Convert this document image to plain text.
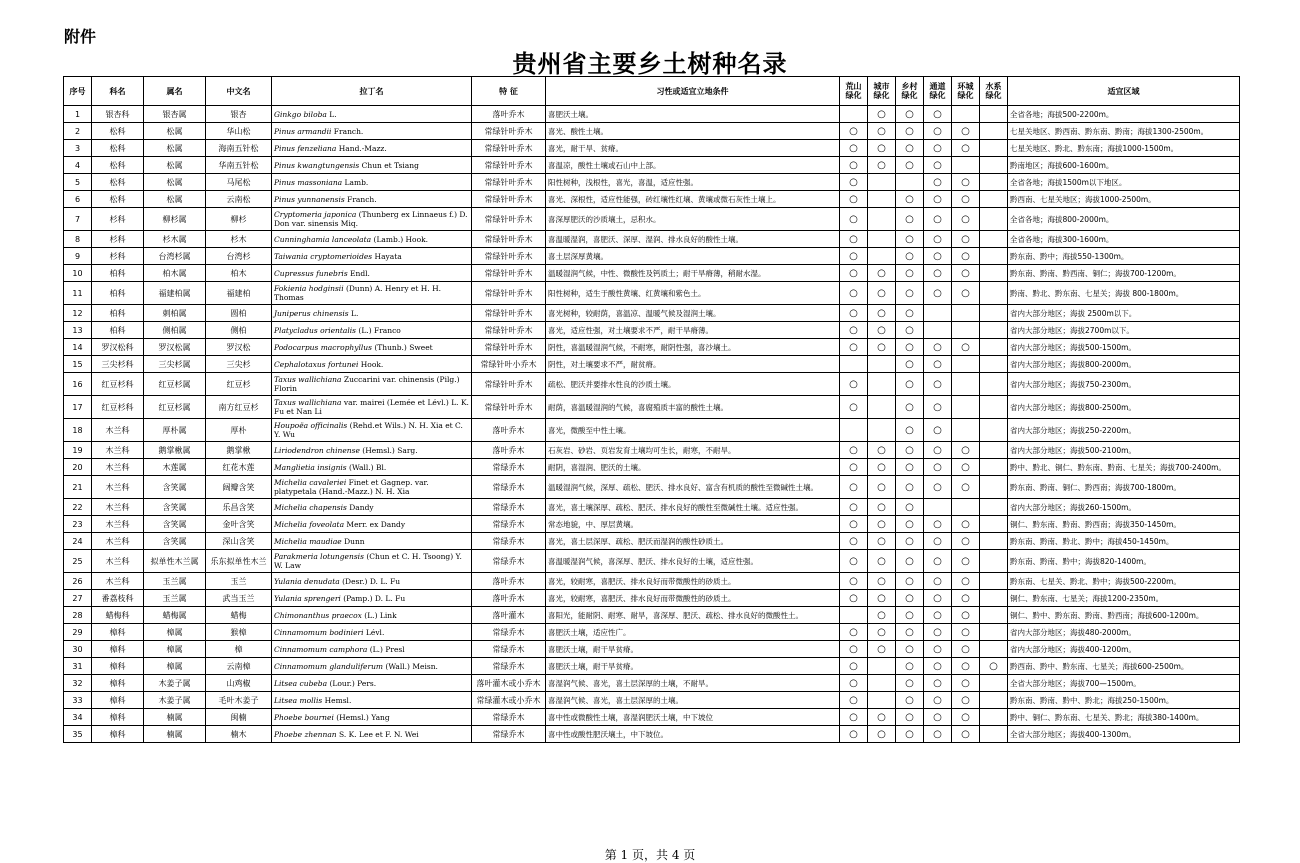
附件
贵州省主要乡土树种名录
序号	科名	属名	中文名	拉丁名	特 征	习性或适宜立地条件	荒山绿化	城市绿化	乡村绿化	通道绿化	环城绿化	水系绿化	适宜区域
1	银杏科	银杏属	银杏	Ginkgo biloba L.	落叶乔木	喜肥沃土壤。		○	○	○			全省各地；海拔500-2200m。
2	松科	松属	华山松	Pinus armandii Franch.	常绿针叶乔木	喜光、酸性土壤。	○	○	○	○	○		七星关地区、黔西南、黔东南、黔南；海拔1300-2500m。
3	松科	松属	海南五针松	Pinus fenzeliana Hand.-Mazz.	常绿针叶乔木	喜光，耐干旱、贫瘠。	○	○	○	○	○		七星关地区、黔北、黔东南；海拔1000-1500m。
4	松科	松属	华南五针松	Pinus kwangtungensis Chun et Tsiang	常绿针叶乔木	喜温凉，酸性土壤或石山中上部。	○	○	○	○			黔南地区；海拔600-1600m。
5	松科	松属	马尾松	Pinus massoniana Lamb.	常绿针叶乔木	阳性树种，浅根性，喜光，喜温，适应性强。	○			○	○		全省各地；海拔1500m以下地区。
6	松科	松属	云南松	Pinus yunnanensis Franch.	常绿针叶乔木	喜光、深根性，适应性能强，砖红壤性红壤、黄壤或微石灰性土壤上。	○		○	○	○		黔西南、七星关地区；海拔1000-2500m。
7	杉科	柳杉属	柳杉	Cryptomeria japonica (Thunberg ex Linnaeus f.) D. Don var. sinensis Miq.	常绿针叶乔木	喜深厚肥沃的沙质壤土，忌积水。	○		○	○	○		全省各地；海拔800-2000m。
8	杉科	杉木属	杉木	Cunninghamia lanceolata (Lamb.) Hook.	常绿针叶乔木	喜温暖湿润，喜肥沃、深厚、湿润、排水良好的酸性土壤。	○		○	○	○		全省各地；海拔300-1600m。
9	杉科	台湾杉属	台湾杉	Taiwania cryptomerioides Hayata	常绿针叶乔木	喜土层深厚黄壤。	○		○	○	○		黔东南、黔中；海拔550-1300m。
10	柏科	柏木属	柏木	Cupressus funebris Endl.	常绿针叶乔木	温暖湿润气候，中性、微酸性及钙质土；耐干旱瘠薄，稍耐水湿。	○	○	○	○	○		黔东南、黔南、黔西南、铜仁；海拔700-1200m。
11	柏科	福建柏属	福建柏	Fokienia hodginsii (Dunn) A. Henry et H. H. Thomas	常绿针叶乔木	阳性树种，适生于酸性黄壤、红黄壤和紫色土。	○	○	○	○	○		黔南、黔北、黔东南、七星关；海拔 800-1800m。
12	柏科	刺柏属	圆柏	Juniperus chinensis L.	常绿针叶乔木	喜光树种，较耐荫，喜温凉、温暖气候及湿润土壤。	○	○	○				省内大部分地区；海拔 2500m以下。
13	柏科	侧柏属	侧柏	Platycladus orientalis (L.) Franco	常绿针叶乔木	喜光，适应性强，对土壤要求不严，耐干旱瘠薄。	○	○	○				省内大部分地区；海拔2700m以下。
14	罗汉松科	罗汉松属	罗汉松	Podocarpus macrophyllus (Thunb.) Sweet	常绿针叶乔木	阴性，喜温暖湿润气候，不耐寒，耐阴性强，喜沙壤土。	○	○	○	○	○		省内大部分地区；海拔500-1500m。
15	三尖杉科	三尖杉属	三尖杉	Cephalotaxus fortunei Hook.	常绿针叶小乔木	阴性，对土壤要求不严，耐贫瘠。			○	○			省内大部分地区；海拔800-2000m。
16	红豆杉科	红豆杉属	红豆杉	Taxus wallichiana Zuccarini var. chinensis (Pilg.) Florin	常绿针叶乔木	疏松、肥沃并要排水性良的沙质土壤。	○		○	○			省内大部分地区；海拔750-2300m。
17	红豆杉科	红豆杉属	南方红豆杉	Taxus wallichiana var. mairei (Lemée et Lévl.) L. K. Fu et Nan Li	常绿针叶乔木	耐荫，喜温暖湿润的气候，喜腐殖质丰富的酸性土壤。	○		○	○			省内大部分地区；海拔800-2500m。
18	木兰科	厚朴属	厚朴	Houpoëa officinalis (Rehd.et Wils.) N. H. Xia et C. Y. Wu	落叶乔木	喜光，微酸至中性土壤。			○	○			省内大部分地区；海拔250-2200m。
19	木兰科	鹅掌楸属	鹅掌楸	Liriodendron chinense (Hemsl.) Sarg.	落叶乔木	石灰岩、砂岩、页岩发育土壤均可生长，耐寒，不耐旱。	○	○	○	○	○		省内大部分地区；海拔500-2100m。
20	木兰科	木莲属	红花木莲	Manglietia insignis (Wall.) Bl.	常绿乔木	耐阴，喜湿润、肥沃的土壤。	○	○	○	○	○		黔中、黔北、铜仁、黔东南、黔南、七星关；海拔700-2400m。
21	木兰科	含笑属	阔瓣含笑	Michelia cavaleriei Finet et Gagnep. var. platypetala (Hand.-Mazz.) N. H. Xia	常绿乔木	温暖湿润气候，深厚、疏松、肥沃、排水良好、富含有机质的酸性至微碱性土壤。	○	○	○	○	○		黔东南、黔南、铜仁、黔西南；海拔700-1800m。
22	木兰科	含笑属	乐昌含笑	Michelia chapensis Dandy	常绿乔木	喜光，喜土壤深厚、疏松、肥沃、排水良好的酸性至微碱性土壤。适应性强。	○	○	○				省内大部分地区；海拔260-1500m。
23	木兰科	含笑属	金叶含笑	Michelia foveolata Merr. ex Dandy	常绿乔木	常态地貌，中、厚层黄壤。	○	○	○	○	○		铜仁、黔东南、黔南、黔西南；海拔350-1450m。
24	木兰科	含笑属	深山含笑	Michelia maudiae Dunn	常绿乔木	喜光，喜土层深厚、疏松、肥沃而湿润的酸性砂质土。	○	○	○	○	○		黔东南、黔南、黔北、黔中；海拔450-1450m。
25	木兰科	拟单性木兰属	乐东拟单性木兰	Parakmeria lotungensis (Chun et C. H. Tsoong) Y. W. Law	常绿乔木	喜温暖湿润气候，喜深厚、肥沃、排水良好的土壤，适应性强。	○	○	○	○	○		黔东南、黔南、黔中；海拔820-1400m。
26	木兰科	玉兰属	玉兰	Yulania denudata (Desr.) D. L. Fu	落叶乔木	喜光，较耐寒，喜肥沃、排水良好而带微酸性的砂质土。	○	○	○	○	○		黔东南、七星关、黔北、黔中；海拔500-2200m。
27	番荔枝科	玉兰属	武当玉兰	Yulania sprengeri (Pamp.) D. L. Fu	落叶乔木	喜光，较耐寒，喜肥沃、排水良好而带微酸性的砂质土。	○	○	○	○	○		铜仁、黔东南、七星关；海拔1200-2350m。
28	蜡梅科	蜡梅属	蜡梅	Chimonanthus praecox (L.) Link	落叶灌木	喜阳光，能耐阴、耐寒、耐旱，喜深厚、肥沃、疏松、排水良好的微酸性土。		○	○	○	○		铜仁、黔中、黔东南、黔南、黔西南；海拔600-1200m。
29	樟科	樟属	猴樟	Cinnamomum bodinieri Lévl.	常绿乔木	喜肥沃土壤，适应性广。	○	○	○	○	○		省内大部分地区；海拔480-2000m。
30	樟科	樟属	樟	Cinnamomum camphora (L.) Presl	常绿乔木	喜肥沃土壤，耐干旱贫瘠。	○	○	○	○	○		省内大部分地区；海拔400-1200m。
31	樟科	樟属	云南樟	Cinnamomum glanduliferum (Wall.) Meisn.	常绿乔木	喜肥沃土壤，耐干旱贫瘠。	○		○	○	○	○	黔西南、黔中、黔东南、七星关；海拔600-2500m。
32	樟科	木姜子属	山鸡椒	Litsea cubeba (Lour.) Pers.	落叶灌木或小乔木	喜湿润气候、喜光，喜土层深厚的土壤，不耐旱。	○		○	○	○		全省大部分地区；海拔700—1500m。
33	樟科	木姜子属	毛叶木姜子	Litsea mollis Hemsl.	常绿灌木或小乔木	喜湿润气候、喜光，喜土层深厚的土壤。	○		○	○	○		黔东南、黔南、黔中、黔北；海拔250-1500m。
34	樟科	楠属	闽楠	Phoebe bournei (Hemsl.) Yang	常绿乔木	喜中性或微酸性土壤，喜湿润肥沃土壤，中下坡位	○	○	○	○	○		黔中、铜仁、黔东南、七星关、黔北；海拔380-1400m。
35	樟科	楠属	楠木	Phoebe zhennan S. K. Lee et F. N. Wei	常绿乔木	喜中性或酸性肥沃壤土，中下坡位。	○	○	○	○	○		全省大部分地区；海拔400-1300m。
第 1 页，共 4 页
